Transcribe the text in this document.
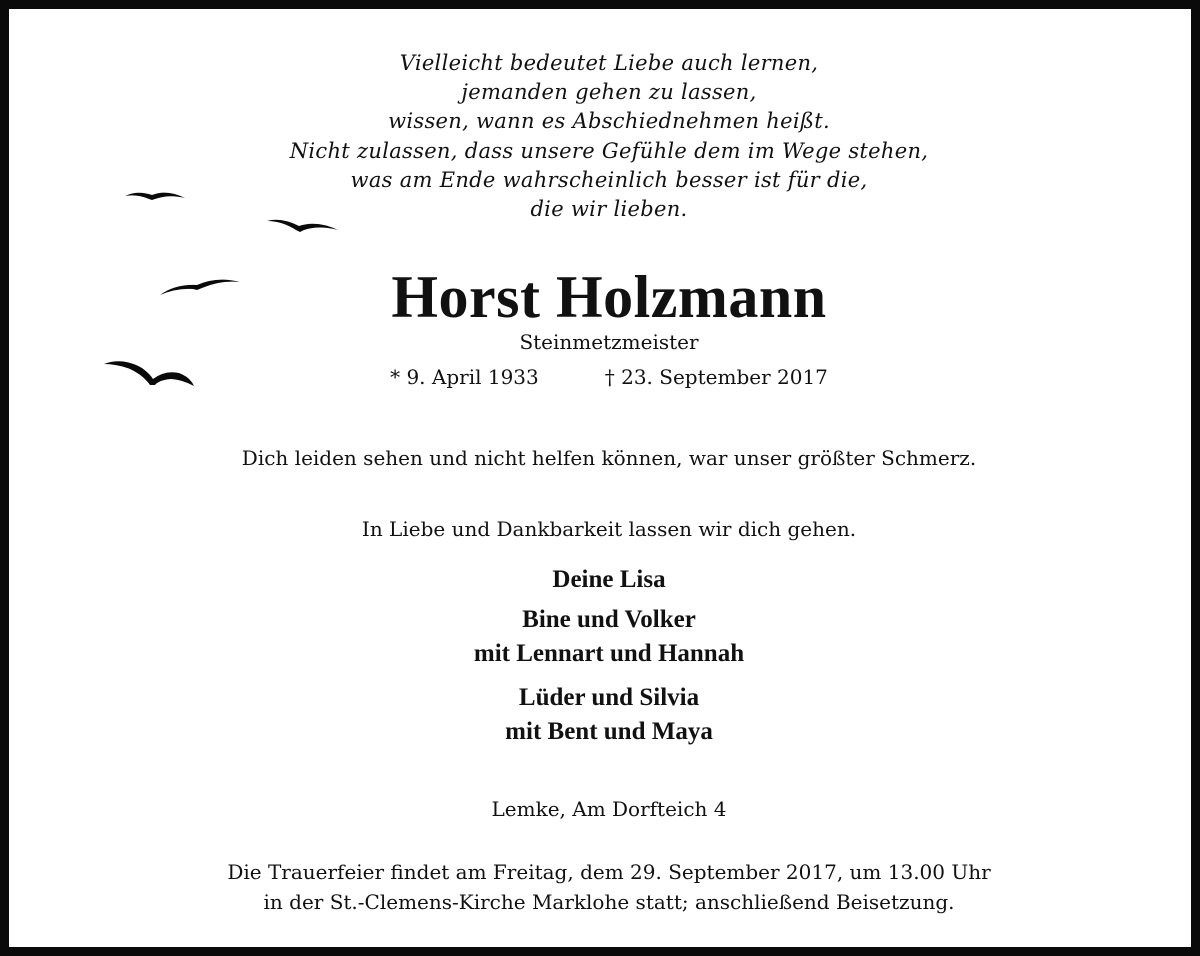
Vielleicht bedeutet Liebe auch lernen,
jemanden gehen zu lassen,
wissen, wann es Abschiednehmen heißt.
Nicht zulassen, dass unsere Gefühle dem im Wege stehen,
was am Ende wahrscheinlich besser ist für die,
die wir lieben.
Horst Holzmann
Steinmetzmeister
* 9. April 1933	† 23. September 2017
Dich leiden sehen und nicht helfen können, war unser größter Schmerz.
In Liebe und Dankbarkeit lassen wir dich gehen.
Deine Lisa
Bine und Volker
mit Lennart und Hannah
Lüder und Silvia
mit Bent und Maya
Lemke, Am Dorfteich 4
Die Trauerfeier findet am Freitag, dem 29. September 2017, um 13.00 Uhr
in der St.-Clemens-Kirche Marklohe statt; anschließend Beisetzung.
